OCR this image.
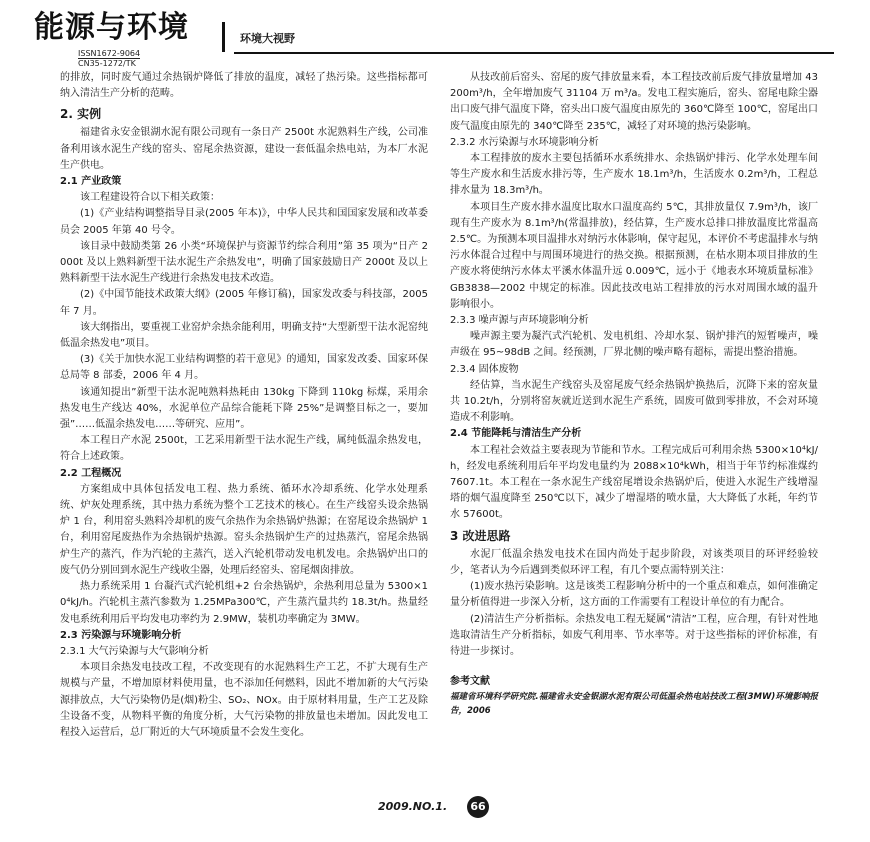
能源与环境
ISSN1672-9064
CN35-1272/TK
环境大视野
的排放，同时废气通过余热锅炉降低了排放的温度，减轻了热污染。这些指标都可纳入清洁生产分析的范畴。
2. 实例
福建省永安金银湖水泥有限公司现有一条日产 2500t 水泥熟料生产线，公司准备利用该水泥生产线的窑头、窑尾余热资源，建设一套低温余热电站，为本厂水泥生产供电。
2.1 产业政策
该工程建设符合以下相关政策：
(1)《产业结构调整指导目录(2005 年本)》，中华人民共和国国家发展和改革委员会 2005 年第 40 号令。
该目录中鼓励类第 26 小类“环境保护与资源节约综合利用”第 35 项为“日产 2000t 及以上熟料新型干法水泥生产余热发电”，明确了国家鼓励日产 2000t 及以上熟料新型干法水泥生产线进行余热发电技术改造。
(2)《中国节能技术政策大纲》(2005 年修订稿)，国家发改委与科技部，2005 年 7 月。
该大纲指出，要重视工业窑炉余热余能利用，明确支持“大型新型干法水泥窑纯低温余热发电”项目。
(3)《关于加快水泥工业结构调整的若干意见》的通知，国家发改委、国家环保总局等 8 部委，2006 年 4 月。
该通知提出”新型干法水泥吨熟料热耗由 130kg 下降到 110kg 标煤，采用余热发电生产线达 40%，水泥单位产品综合能耗下降 25%”是调整目标之一，要加强”……低温余热发电……等研究、应用”。
本工程日产水泥 2500t，工艺采用新型干法水泥生产线，属纯低温余热发电，符合上述政策。
2.2 工程概况
方案组成中具体包括发电工程、热力系统、循环水冷却系统、化学水处理系统、炉灰处理系统，其中热力系统为整个工艺技术的核心。在生产线窑头设余热锅炉 1 台，利用窑头熟料冷却机的废气余热作为余热锅炉热源；在窑尾设余热锅炉 1 台，利用窑尾废热作为余热锅炉热源。窑头余热锅炉生产的过热蒸汽，窑尾余热锅炉生产的蒸汽，作为汽轮的主蒸汽，送入汽轮机带动发电机发电。余热锅炉出口的废气仍分别回到水泥生产线收尘器，处理后经窑头、窑尾烟囱排放。
热力系统采用 1 台凝汽式汽轮机组+2 台余热锅炉，余热利用总量为 5300×10⁴kJ/h。汽轮机主蒸汽参数为 1.25MPa300℃，产生蒸汽量共约 18.3t/h。热量经发电系统利用后平均发电功率约为 2.9MW，装机功率确定为 3MW。
2.3 污染源与环境影响分析
2.3.1 大气污染源与大气影响分析
本项目余热发电技改工程，不改变现有的水泥熟料生产工艺，不扩大现有生产规模与产量，不增加原材料使用量，也不添加任何燃料，因此不增加新的大气污染源排放点，大气污染物仍是(烟)粉尘、SO₂、NOx。由于原材料用量，生产工艺及除尘设备不变，从物料平衡的角度分析，大气污染物的排放量也未增加。因此发电工程投入运营后，总厂附近的大气环境质量不会发生变化。
从技改前后窑头、窑尾的废气排放量来看，本工程技改前后废气排放量增加 43200m³/h，全年增加废气 31104 万 m³/a。发电工程实施后，窑头、窑尾电除尘器出口废气排气温度下降，窑头出口废气温度由原先的 360℃降至 100℃，窑尾出口废气温度由原先的 340℃降至 235℃，减轻了对环境的热污染影响。
2.3.2 水污染源与水环境影响分析
本工程排放的废水主要包括循环水系统排水、余热锅炉排污、化学水处理车间等生产废水和生活废水排污等，生产废水 18.1m³/h，生活废水 0.2m³/h，工程总排水量为 18.3m³/h。
本项目生产废水排水温度比取水口温度高约 5℃，其排放量仅 7.9m³/h，该厂现有生产废水为 8.1m³/h(常温排放)，经估算，生产废水总排口排放温度比常温高 2.5℃。为预测本项目温排水对纳污水体影响，保守起见，本评价不考虑温排水与纳污水体混合过程中与周围环境进行的热交换。根据预测，在枯水期本项目排放的生产废水将使纳污水体太平溪水体温升远 0.009℃，远小于《地表水环境质量标准》GB3838—2002 中规定的标准。因此技改电站工程排放的污水对周围水域的温升影响很小。
2.3.3 噪声源与声环境影响分析
噪声源主要为凝汽式汽轮机、发电机组、冷却水泵、锅炉排汽的短暂噪声，噪声级在 95~98dB 之间。经预测，厂界北侧的噪声略有超标，需提出整治措施。
2.3.4 固体废物
经估算，当水泥生产线窑头及窑尾废气经余热锅炉换热后，沉降下来的窑灰量共 10.2t/h，分别将窑灰就近送到水泥生产系统，固废可做到零排放，不会对环境造成不利影响。
2.4 节能降耗与清洁生产分析
本工程社会效益主要表现为节能和节水。工程完成后可利用余热 5300×10⁴kJ/h，经发电系统利用后年平均发电量约为 2088×10⁴kWh，相当于年节约标准煤约 7607.1t。本工程在一条水泥生产线窑尾增设余热锅炉后，使进入水泥生产线增湿塔的烟气温度降至 250℃以下，减少了增湿塔的喷水量，大大降低了水耗，年约节水 57600t。
3 改进思路
水泥厂低温余热发电技术在国内尚处于起步阶段，对该类项目的环评经验较少，笔者认为今后遇到类似环评工程，有几个要点需特别关注：
(1)废水热污染影响。这是该类工程影响分析中的一个重点和难点，如何准确定量分析值得进一步深入分析，这方面的工作需要有工程设计单位的有力配合。
(2)清洁生产分析指标。余热发电工程无疑属“清洁”工程，应合理，有针对性地选取清洁生产分析指标，如废气利用率、节水率等。对于这些指标的评价标准，有待进一步探讨。
参考文献
福建省环境科学研究院.福建省永安金银湖水泥有限公司低温余热电站技改工程(3MW)环境影响报告，2006
2009.NO.1.	66
